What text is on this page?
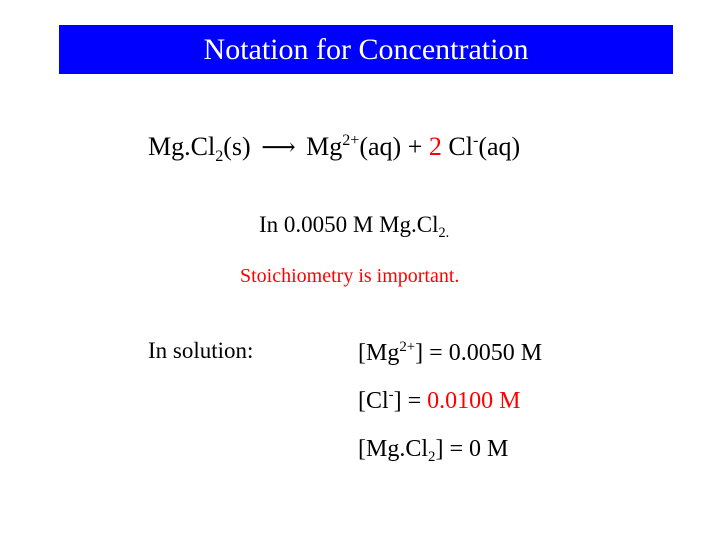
Notation for Concentration
$Mg.Cl_2(s)$ ⟶ $Mg^{2+}(aq) + 2$ Cl-(aq)
In 0.0050 M $Mg.Cl_{2.}$
Stoichiometry is important.
In solution:	$[Mg^{2+}] = 0.0050$ M
[Cl-] = 0.0100 M
$[Mg.Cl_2] = 0$ M
